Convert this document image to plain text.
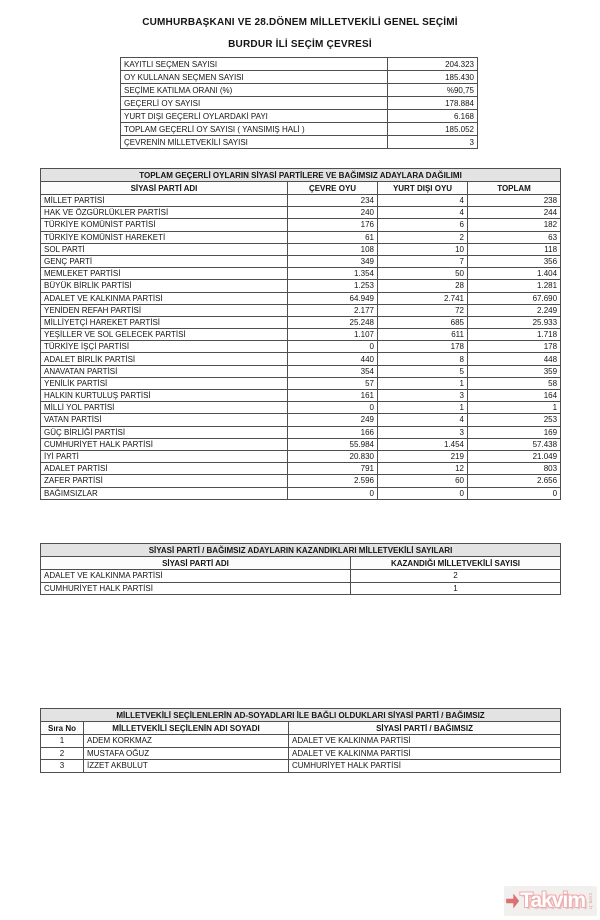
CUMHURBAŞKANI VE 28.DÖNEM MİLLETVEKİLİ GENEL SEÇİMİ
BURDUR İLİ SEÇİM ÇEVRESİ
KAYITLI SEÇMEN SAYISI	204.323
OY KULLANAN SEÇMEN SAYISI	185.430
SEÇİME KATILMA ORANI (%)	%90,75
GEÇERLİ OY SAYISI	178.884
YURT DIŞI GEÇERLİ OYLARDAKİ PAYI	6.168
TOPLAM GEÇERLİ OY SAYISI ( YANSIMIŞ HALİ )	185.052
ÇEVRENİN MİLLETVEKİLİ SAYISI	3
TOPLAM GEÇERLİ OYLARIN SİYASİ PARTİLERE VE BAĞIMSIZ ADAYLARA DAĞILIMI			
SİYASİ PARTİ ADI	ÇEVRE OYU	YURT DIŞI OYU	TOPLAM
MİLLET PARTİSİ	234	4	238
HAK VE ÖZGÜRLÜKLER PARTİSİ	240	4	244
TÜRKİYE KOMÜNİST PARTİSİ	176	6	182
TÜRKİYE KOMÜNİST HAREKETİ	61	2	63
SOL PARTİ	108	10	118
GENÇ PARTİ	349	7	356
MEMLEKET PARTİSİ	1.354	50	1.404
BÜYÜK BİRLİK PARTİSİ	1.253	28	1.281
ADALET VE KALKINMA PARTİSİ	64.949	2.741	67.690
YENİDEN REFAH PARTİSİ	2.177	72	2.249
MİLLİYETÇİ HAREKET PARTİSİ	25.248	685	25.933
YEŞİLLER VE SOL GELECEK PARTİSİ	1.107	611	1.718
TÜRKİYE İŞÇİ PARTİSİ	0	178	178
ADALET BİRLİK PARTİSİ	440	8	448
ANAVATAN PARTİSİ	354	5	359
YENİLİK PARTİSİ	57	1	58
HALKIN KURTULUŞ PARTİSİ	161	3	164
MİLLİ YOL PARTİSİ	0	1	1
VATAN PARTİSİ	249	4	253
GÜÇ BİRLİĞİ PARTİSİ	166	3	169
CUMHURİYET HALK PARTİSİ	55.984	1.454	57.438
İYİ PARTİ	20.830	219	21.049
ADALET PARTİSİ	791	12	803
ZAFER PARTİSİ	2.596	60	2.656
BAĞIMSIZLAR	0	0	0
SİYASİ PARTİ / BAĞIMSIZ ADAYLARIN KAZANDIKLARI MİLLETVEKİLİ SAYILARI	
SİYASİ PARTİ ADI	KAZANDIĞI MİLLETVEKİLİ SAYISI
ADALET VE KALKINMA PARTİSİ	2
CUMHURİYET HALK PARTİSİ	1
MİLLETVEKİLİ SEÇİLENLERİN AD-SOYADLARI İLE BAĞLI OLDUKLARI SİYASİ PARTİ / BAĞIMSIZ		
Sıra No	MİLLETVEKİLİ SEÇİLENİN ADI SOYADI	SİYASİ PARTİ / BAĞIMSIZ
1	ADEM KORKMAZ	ADALET VE KALKINMA PARTİSİ
2	MUSTAFA OĞUZ	ADALET VE KALKINMA PARTİSİ
3	İZZET AKBULUT	CUMHURİYET HALK PARTİSİ
Takvim com.tr
